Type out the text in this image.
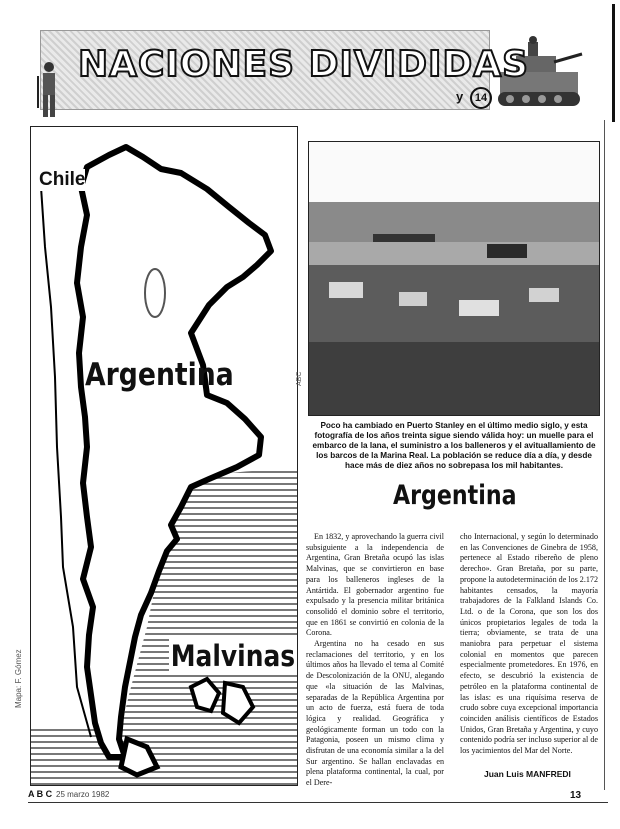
NACIONES DIVIDIDAS
y	14
Chile
Argentina
Malvinas
Mapa: F. Gómez
ABC
Poco ha cambiado en Puerto Stanley en el último medio siglo, y esta fotografía de los años treinta sigue siendo válida hoy: un muelle para el embarco de la lana, el suministro a los balleneros y el avituallamiento de los barcos de la Marina Real. La población se reduce día a día, y desde hace más de diez años no sobrepasa los mil habitantes.
Argentina

En 1832, y aprovechando la guerra civil subsiguiente a la independencia de Argentina, Gran Bretaña ocupó las islas Malvinas, que se convirtieron en base para los balleneros ingleses de la Antártida. El gobernador argentino fue expulsado y la presencia militar británica consolidó el dominio sobre el territorio, que en 1861 se convirtió en colonia de la Corona.

Argentina no ha cesado en sus reclamaciones del territorio, y en los últimos años ha llevado el tema al Comité de Descolonización de la ONU, alegando que «la situación de las Malvinas, separadas de la República Argentina por un acto de fuerza, está fuera de toda lógica y realidad. Geográfica y geológicamente forman un todo con la Patagonia, poseen un mismo clima y disfrutan de una economía similar a la del Sur argentino. Se hallan enclavadas en plena plataforma continental, la cual, por el Dere-

cho Internacional, y según lo determinado en las Convenciones de Ginebra de 1958, pertenece al Estado ribereño de pleno derecho». Gran Bretaña, por su parte, propone la autodeterminación de los 2.172 habitantes censados, la mayoría trabajadores de la Falkland Islands Co. Ltd. o de la Corona, que son los dos únicos propietarios legales de toda la tierra; obviamente, se trata de una maniobra para perpetuar el sistema colonial en momentos que parecen especialmente prometedores. En 1976, en efecto, se descubrió la existencia de petróleo en la plataforma continental de las islas: es una riquísima reserva de crudo sobre cuya excepcional importancia coinciden análisis científicos de Estados Unidos, Gran Bretaña y Argentina, y cuyo contenido podría ser incluso superior al de los yacimientos del Mar del Norte.

Juan Luis MANFREDI
A B C 25 marzo 1982	13
